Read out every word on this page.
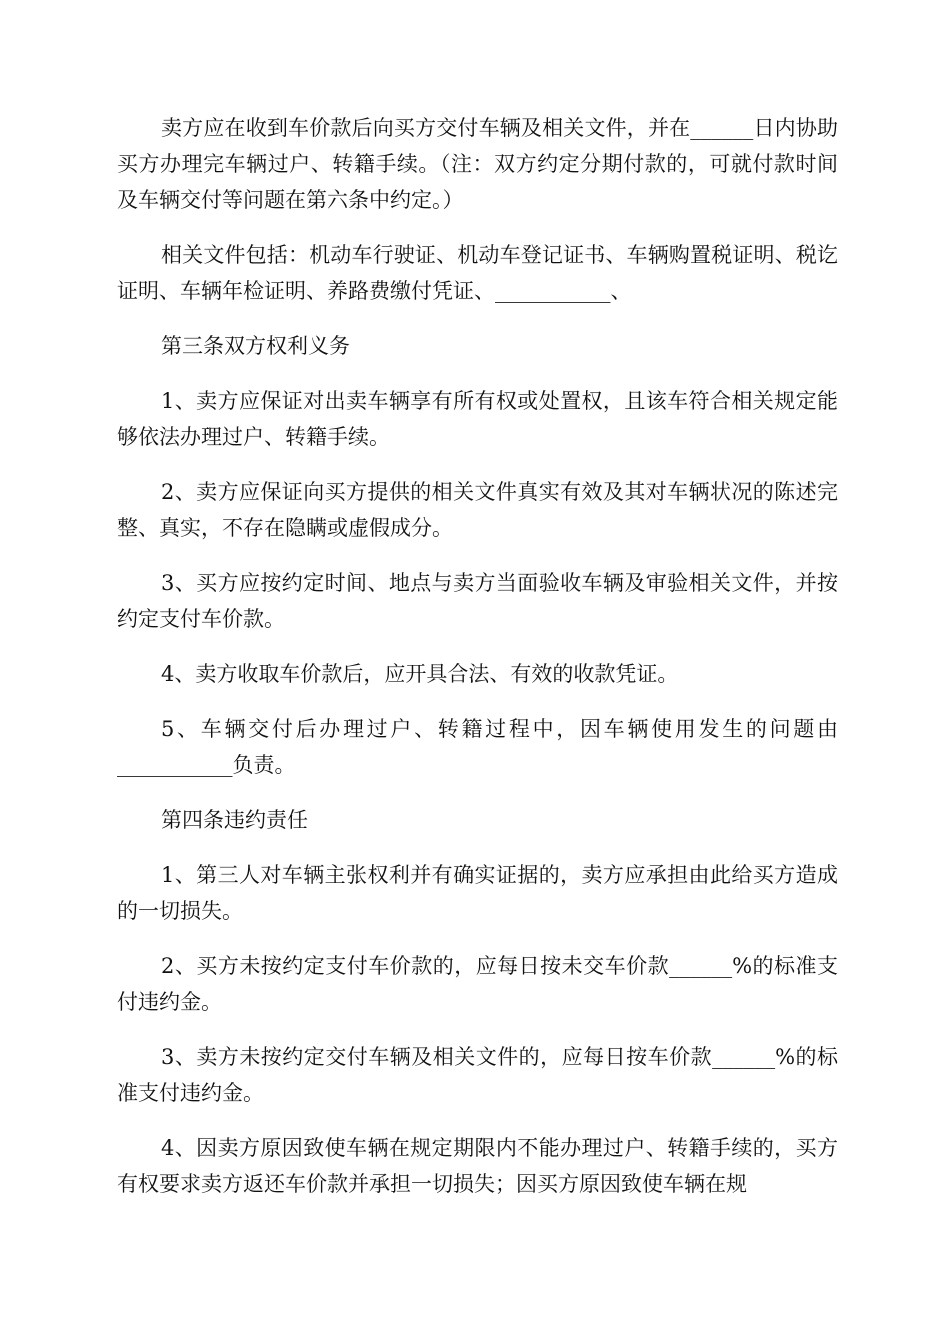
卖方应在收到车价款后向买方交付车辆及相关文件，并在______日内协助买方办理完车辆过户、转籍手续。（注：双方约定分期付款的，可就付款时间及车辆交付等问题在第六条中约定。）

相关文件包括：机动车行驶证、机动车登记证书、车辆购置税证明、税讫证明、车辆年检证明、养路费缴付凭证、___________、

第三条双方权利义务

1、卖方应保证对出卖车辆享有所有权或处置权，且该车符合相关规定能够依法办理过户、转籍手续。

2、卖方应保证向买方提供的相关文件真实有效及其对车辆状况的陈述完整、真实，不存在隐瞒或虚假成分。

3、买方应按约定时间、地点与卖方当面验收车辆及审验相关文件，并按约定支付车价款。

4、卖方收取车价款后，应开具合法、有效的收款凭证。

5、车辆交付后办理过户、转籍过程中，因车辆使用发生的问题由___________负责。

第四条违约责任

1、第三人对车辆主张权利并有确实证据的，卖方应承担由此给买方造成的一切损失。

2、买方未按约定支付车价款的，应每日按未交车价款______%的标准支付违约金。

3、卖方未按约定交付车辆及相关文件的，应每日按车价款______%的标准支付违约金。

4、因卖方原因致使车辆在规定期限内不能办理过户、转籍手续的，买方有权要求卖方返还车价款并承担一切损失；因买方原因致使车辆在规
